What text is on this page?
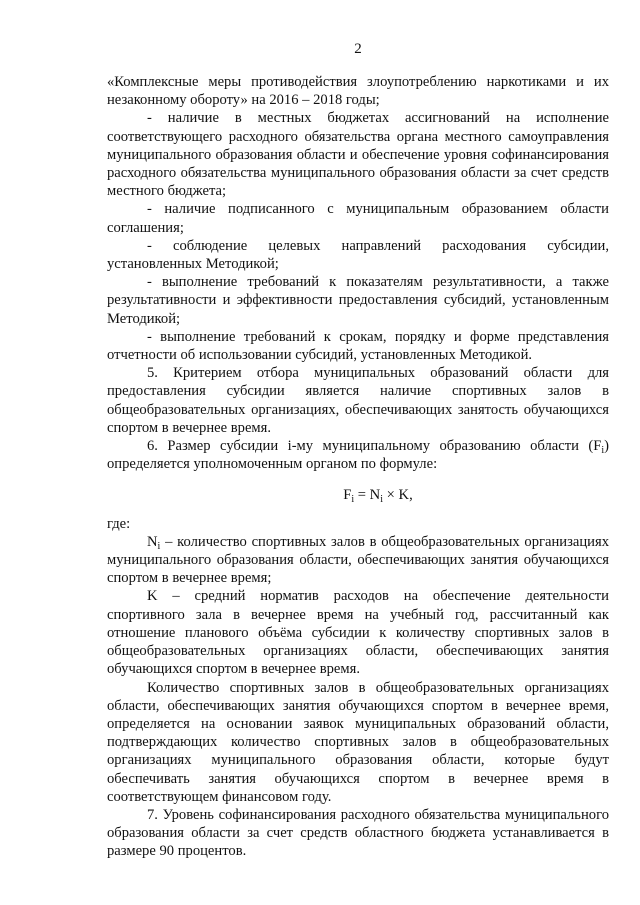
2

«Комплексные меры противодействия злоупотреблению наркотиками и их незаконному обороту» на 2016 – 2018 годы;

- наличие в местных бюджетах ассигнований на исполнение соответствующего расходного обязательства органа местного самоуправления муниципального образования области и обеспечение уровня софинансирования расходного обязательства муниципального образования области за счет средств местного бюджета;

- наличие подписанного с муниципальным образованием области соглашения;

- соблюдение целевых направлений расходования субсидии, установленных Методикой;

- выполнение требований к показателям результативности, а также результативности и эффективности предоставления субсидий, установленным Методикой;

- выполнение требований к срокам, порядку и форме представления отчетности об использовании субсидий, установленных Методикой.

5. Критерием отбора муниципальных образований области для предоставления субсидии является наличие спортивных залов в общеобразовательных организациях, обеспечивающих занятость обучающихся спортом в вечернее время.

6. Размер субсидии i-му муниципальному образованию области $(F_i)$ определяется уполномоченным органом по формуле:

$F_i = N_i \times K$,

где:

$N_i$ – количество спортивных залов в общеобразовательных организациях муниципального образования области, обеспечивающих занятия обучающихся спортом в вечернее время;

K – средний норматив расходов на обеспечение деятельности спортивного зала в вечернее время на учебный год, рассчитанный как отношение планового объёма субсидии к количеству спортивных залов в общеобразовательных организациях области, обеспечивающих занятия обучающихся спортом в вечернее время.

Количество спортивных залов в общеобразовательных организациях области, обеспечивающих занятия обучающихся спортом в вечернее время, определяется на основании заявок муниципальных образований области, подтверждающих количество спортивных залов в общеобразовательных организациях муниципального образования области, которые будут обеспечивать занятия обучающихся спортом в вечернее время в соответствующем финансовом году.

7. Уровень софинансирования расходного обязательства муниципального образования области за счет средств областного бюджета устанавливается в размере 90 процентов.
